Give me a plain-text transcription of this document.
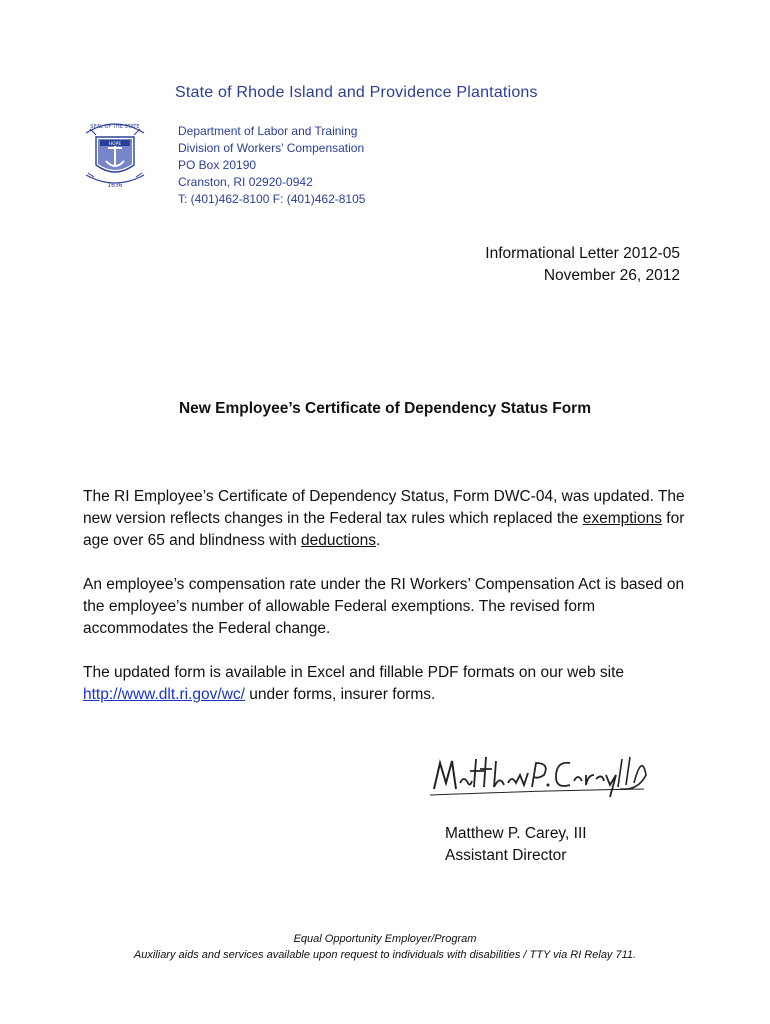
State of Rhode Island and Providence Plantations
SEAL OF THE STATE
HOPE
1636
Department of Labor and Training
Division of Workers' Compensation
PO Box 20190
Cranston, RI 02920-0942
T: (401)462-8100 F: (401)462-8105
Informational Letter 2012-05
November 26, 2012
New Employee’s Certificate of Dependency Status Form

The RI Employee’s Certificate of Dependency Status, Form DWC-04, was updated. The new version reflects changes in the Federal tax rules which replaced the exemptions for age over 65 and blindness with deductions.

An employee’s compensation rate under the RI Workers’ Compensation Act is based on the employee’s number of allowable Federal exemptions. The revised form accommodates the Federal change.

The updated form is available in Excel and fillable PDF formats on our web site http://www.dlt.ri.gov/wc/ under forms, insurer forms.

Matthew P. Carey, III
Assistant Director
Equal Opportunity Employer/Program
Auxiliary aids and services available upon request to individuals with disabilities / TTY via RI Relay 711.
